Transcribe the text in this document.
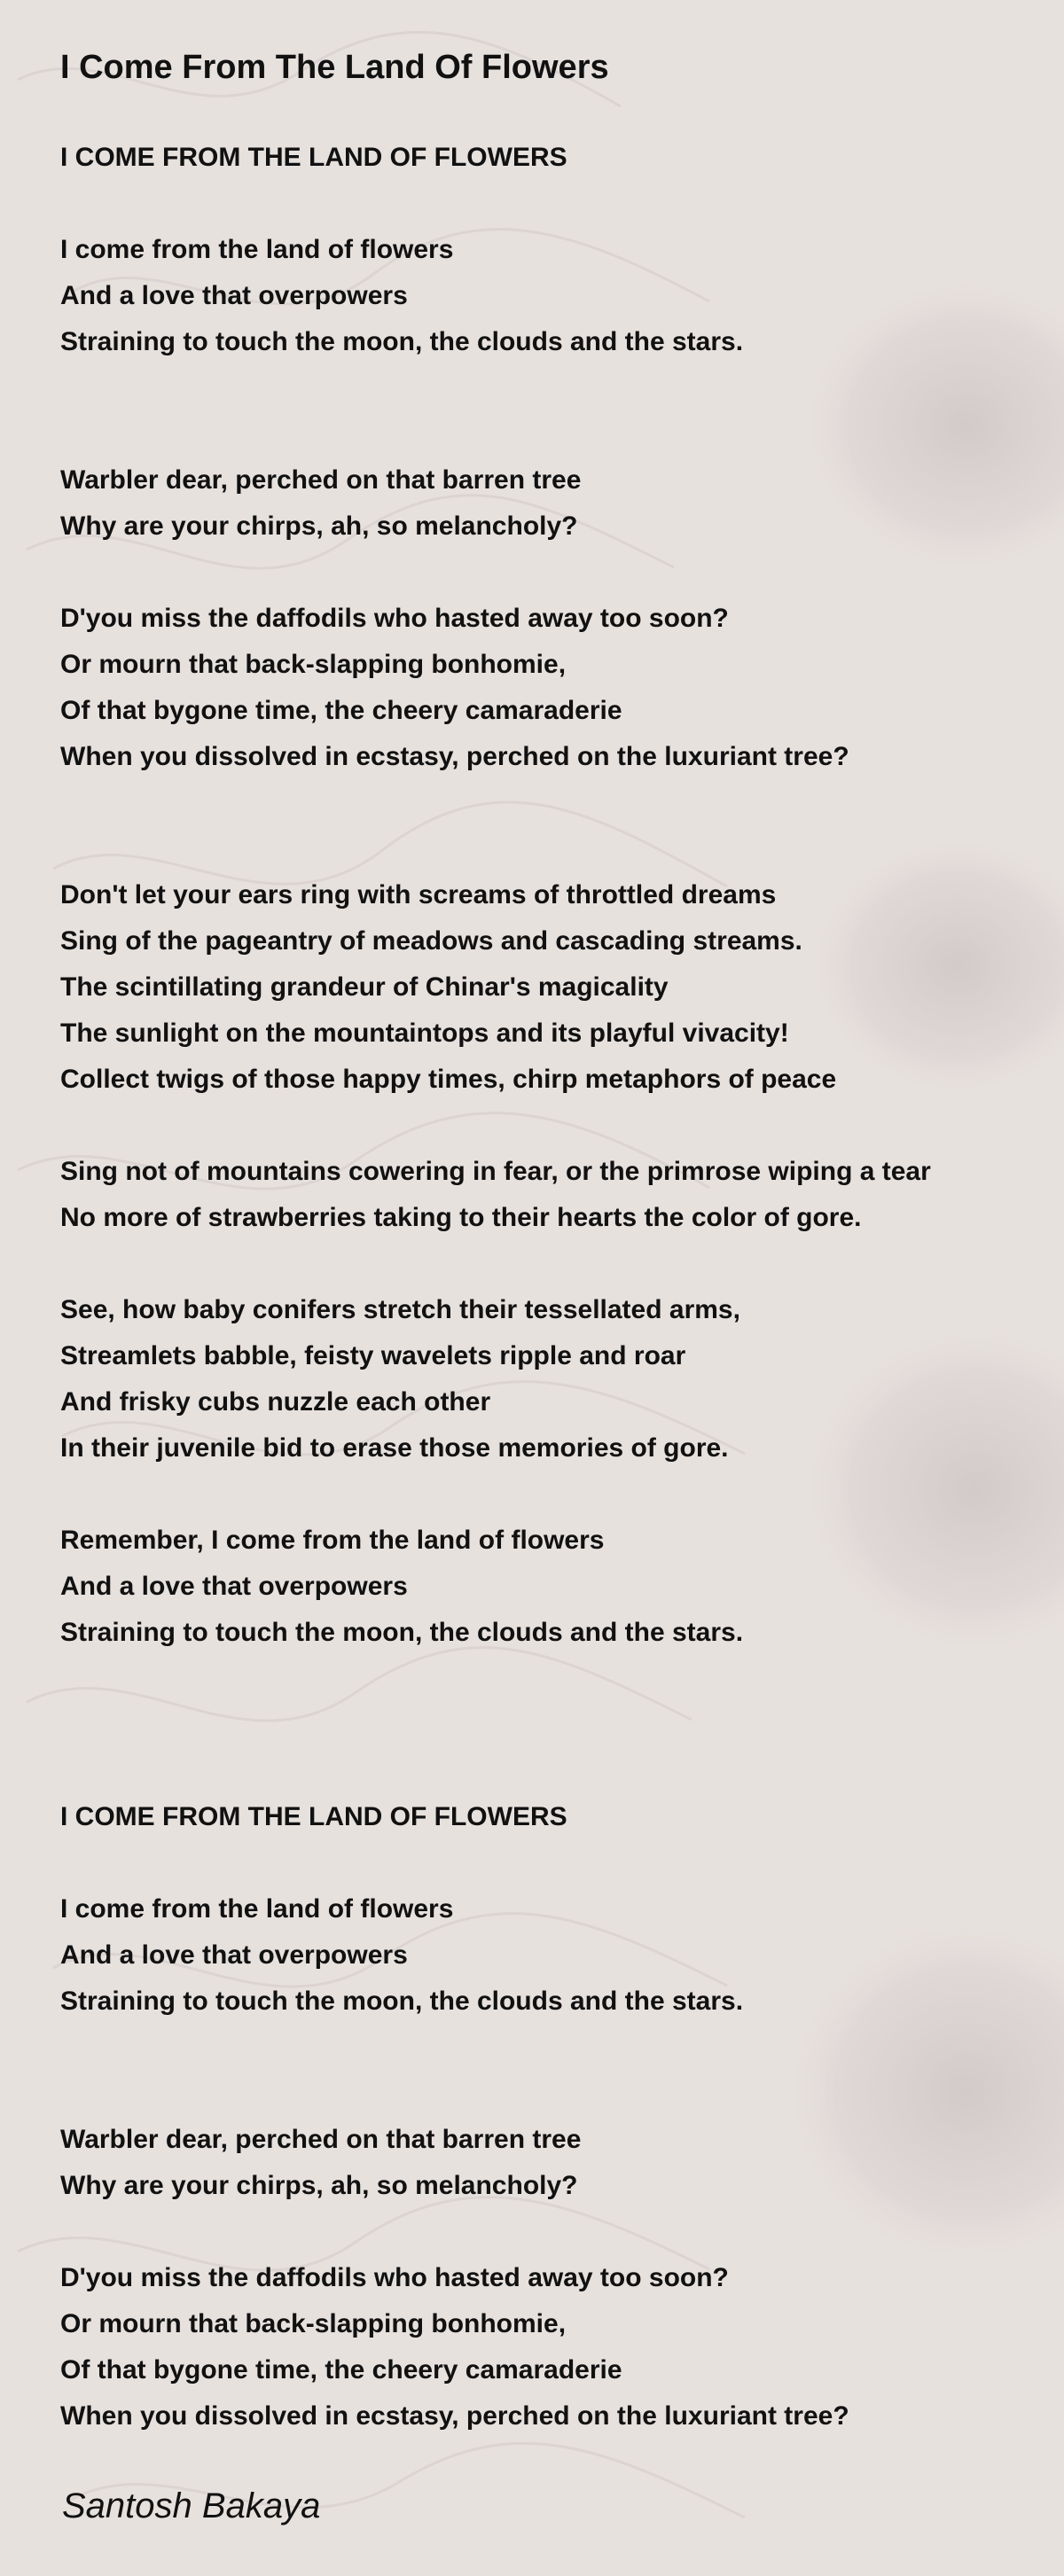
I Come From The Land Of Flowers
I COME FROM THE LAND OF FLOWERS
I come from the land of flowers
And a love that overpowers
Straining to touch the moon, the clouds and the stars.
Warbler dear, perched on that barren tree
Why are your chirps, ah, so melancholy?
D'you miss the daffodils who hasted away too soon?
Or mourn that back-slapping bonhomie,
Of that bygone time, the cheery camaraderie
When you dissolved in ecstasy, perched on the luxuriant tree?
Don't let your ears ring with screams of throttled dreams
Sing of the pageantry of meadows and cascading streams.
The scintillating grandeur of Chinar's magicality
The sunlight on the mountaintops and its playful vivacity!
Collect twigs of those happy times, chirp metaphors of peace
Sing not of mountains cowering in fear, or the primrose wiping a tear
No more of strawberries taking to their hearts the color of gore.
See, how baby conifers stretch their tessellated arms,
Streamlets babble, feisty wavelets ripple and roar
And frisky cubs nuzzle each other
In their juvenile bid to erase those memories of gore.
Remember, I come from the land of flowers
And a love that overpowers
Straining to touch the moon, the clouds and the stars.
I COME FROM THE LAND OF FLOWERS
I come from the land of flowers
And a love that overpowers
Straining to touch the moon, the clouds and the stars.
Warbler dear, perched on that barren tree
Why are your chirps, ah, so melancholy?
D'you miss the daffodils who hasted away too soon?
Or mourn that back-slapping bonhomie,
Of that bygone time, the cheery camaraderie
When you dissolved in ecstasy, perched on the luxuriant tree?
Santosh Bakaya
